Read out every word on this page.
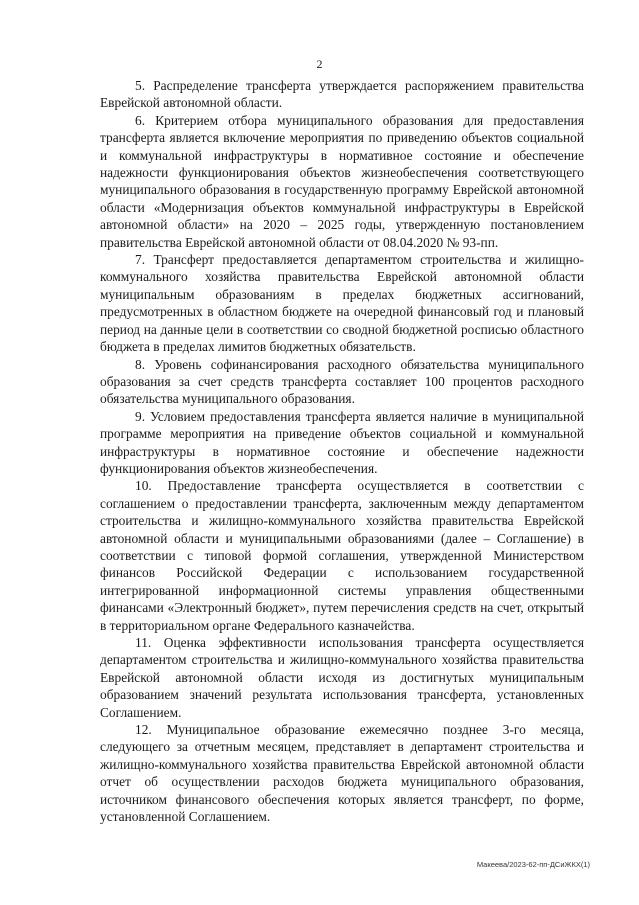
2

5. Распределение трансферта утверждается распоряжением правительства Еврейской автономной области.

6. Критерием отбора муниципального образования для предоставления трансферта является включение мероприятия по приведению объектов социальной и коммунальной инфраструктуры в нормативное состояние и обеспечение надежности функционирования объектов жизнеобеспечения соответствующего муниципального образования в государственную программу Еврейской автономной области «Модернизация объектов коммунальной инфраструктуры в Еврейской автономной области» на 2020 – 2025 годы, утвержденную постановлением правительства Еврейской автономной области от 08.04.2020 № 93-пп.

7. Трансферт предоставляется департаментом строительства и жилищно-коммунального хозяйства правительства Еврейской автономной области муниципальным образованиям в пределах бюджетных ассигнований, предусмотренных в областном бюджете на очередной финансовый год и плановый период на данные цели в соответствии со сводной бюджетной росписью областного бюджета в пределах лимитов бюджетных обязательств.

8. Уровень софинансирования расходного обязательства муниципального образования за счет средств трансферта составляет 100 процентов расходного обязательства муниципального образования.

9. Условием предоставления трансферта является наличие в муниципальной программе мероприятия на приведение объектов социальной и коммунальной инфраструктуры в нормативное состояние и обеспечение надежности функционирования объектов жизнеобеспечения.

10. Предоставление трансферта осуществляется в соответствии с соглашением о предоставлении трансферта, заключенным между департаментом строительства и жилищно-коммунального хозяйства правительства Еврейской автономной области и муниципальными образованиями (далее – Соглашение) в соответствии с типовой формой соглашения, утвержденной Министерством финансов Российской Федерации с использованием государственной интегрированной информационной системы управления общественными финансами «Электронный бюджет», путем перечисления средств на счет, открытый в территориальном органе Федерального казначейства.

11. Оценка эффективности использования трансферта осуществляется департаментом строительства и жилищно-коммунального хозяйства правительства Еврейской автономной области исходя из достигнутых муниципальным образованием значений результата использования трансферта, установленных Соглашением.

12. Муниципальное образование ежемесячно позднее 3-го месяца, следующего за отчетным месяцем, представляет в департамент строительства и жилищно-коммунального хозяйства правительства Еврейской автономной области отчет об осуществлении расходов бюджета муниципального образования, источником финансового обеспечения которых является трансферт, по форме, установленной Соглашением.

Макеева/2023-62-пп-ДСиЖКХ(1)
